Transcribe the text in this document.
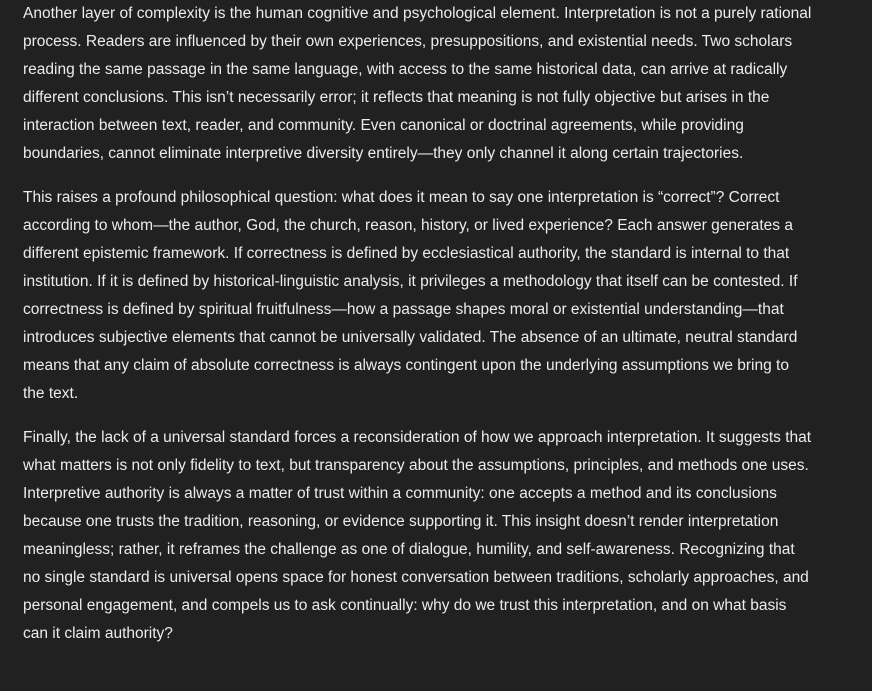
Another layer of complexity is the human cognitive and psychological element. Interpretation is not a purely rational process. Readers are influenced by their own experiences, presuppositions, and existential needs. Two scholars reading the same passage in the same language, with access to the same historical data, can arrive at radically different conclusions. This isn’t necessarily error; it reflects that meaning is not fully objective but arises in the interaction between text, reader, and community. Even canonical or doctrinal agreements, while providing boundaries, cannot eliminate interpretive diversity entirely—they only channel it along certain trajectories.

This raises a profound philosophical question: what does it mean to say one interpretation is “correct”? Correct according to whom—the author, God, the church, reason, history, or lived experience? Each answer generates a different epistemic framework. If correctness is defined by ecclesiastical authority, the standard is internal to that institution. If it is defined by historical-linguistic analysis, it privileges a methodology that itself can be contested. If correctness is defined by spiritual fruitfulness—how a passage shapes moral or existential understanding—that introduces subjective elements that cannot be universally validated. The absence of an ultimate, neutral standard means that any claim of absolute correctness is always contingent upon the underlying assumptions we bring to the text.

Finally, the lack of a universal standard forces a reconsideration of how we approach interpretation. It suggests that what matters is not only fidelity to text, but transparency about the assumptions, principles, and methods one uses. Interpretive authority is always a matter of trust within a community: one accepts a method and its conclusions because one trusts the tradition, reasoning, or evidence supporting it. This insight doesn’t render interpretation meaningless; rather, it reframes the challenge as one of dialogue, humility, and self-awareness. Recognizing that no single standard is universal opens space for honest conversation between traditions, scholarly approaches, and personal engagement, and compels us to ask continually: why do we trust this interpretation, and on what basis can it claim authority?
